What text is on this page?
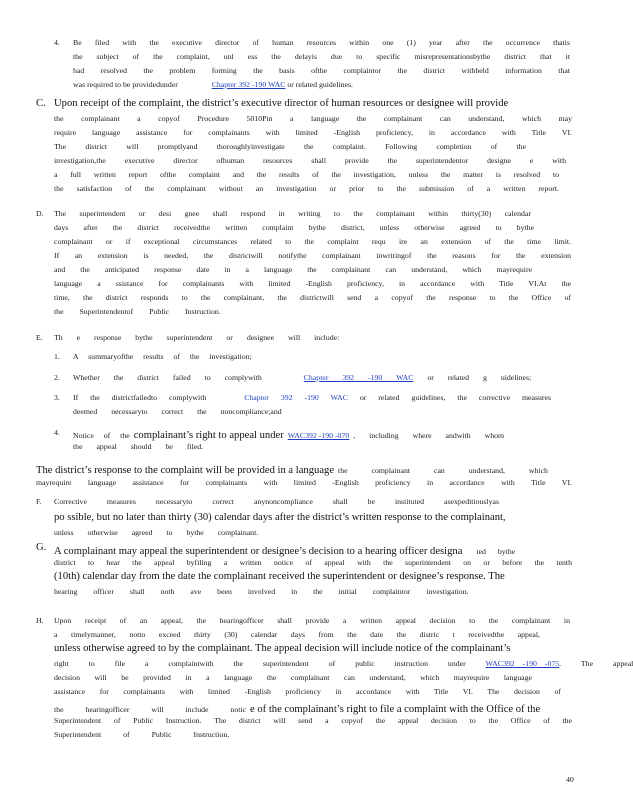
4. Be filed with the executive director of human resources within one (1) year after the occurrence thatis
the subject of the complaint, unl ess the delayis due to specific misrepresentationsbythe district that it
had resolved the problem forming the basis ofthe complaintor the district withheld information that
was required to be providedunder	Chapter 392 -190 WAC or related guidelines.
C. Upon receipt of the complaint, the district’s executive director of human resources or designee will provide
the complainant a copyof Procedure 5010Pin a language the complainant can understand, which may
require language assistance for complainants with limited -English proficiency, in accordance with Title VI.
The district will promptlyand thoroughlyinvestigate the complaint. Following completion of the
investigation,the executive director ofhuman resources shall provide the superintendentor designe e with
a full written report ofthe complaint and the results of the investigation, unless the matter is resolved to
the satisfaction of the complainant without an investigation or prior to the submission of a written report.
D. The superintendent or desi gnee shall respond in writing to the complainant within thirty(30) calendar
days after the district receivedthe written complaint bythe district, unless otherwise agreed to bythe
complainant or if exceptional circumstances related to the complaint requ ire an extension of the time limit.
If an extension is needed, the districtwill notifythe complainant inwritingof the reasons for the extension
and the anticipated response date in a language the complainant can understand, which mayrequire
language a ssistance for complainants with limited -English proficiency, in accordance with Title VI.At the
time, the district responds to the complainant, the districtwill send a copyof the response to the Office of
the Superintendentof Public Instruction.
E. Th e response bythe superintendent or designee will include:
1. A summaryofthe results of the investigation;
2. Whether the district failed to complywith	Chapter 392 -190 WAC or related g uidelines;
3. If the districtfailedto complywith	Chapter 392 -190 WAC or related guidelines, the corrective measures
deemed necessaryto correct the noncompliance;and
4. Notice of the complainant’s right to appeal under WAC392 -190 -070 , including where andwith whom
the appeal should be filed.
The district’s response to the complaint will be provided in a language the complainant can understand, which
mayrequire language assistance for complainants with limited -English proficiency in accordance with Title VI.
F. Corrective measures necessaryto correct anynoncompliance shall be instituted asexpeditiouslyas
po ssible, but no later than thirty (30) calendar days after the district’s written response to the complainant,
unless otherwise agreed to bythe complainant.
G. A complainant may appeal the superintendent or designee’s decision to a hearing officer designa ted bythe
district to hear the appeal byfiling a written notice of appeal with the superintendent on or before the tenth
(10th) calendar day from the date the complainant received the superintendent or designee’s response. The
hearing officer shall noth ave been involved in the initial complaintor investigation.
H. Upon receipt of an appeal, the hearingofficer shall provide a written appeal decision to the complainant in
a timelymanner, notto exceed thirty (30) calendar days from the date the distric t receivedthe appeal,
unless otherwise agreed to by the complainant. The appeal decision will include notice of the complainant’s
right to file a complaintwith the superintendent of public instruction under	WAC392 -190 -075. The appeal
decision will be provided in a language the complainant can understand, which mayrequire language
assistance for complainants with limited -English proficiency in accordance with Title VI. The decision of
the hearingofficer will include notic e of the complainant’s right to file a complaint with the Office of the
Superintendent of Public Instruction. The district will send a copyof the appeal decision to the Office of the
Superintendent of Public Instruction.
40
